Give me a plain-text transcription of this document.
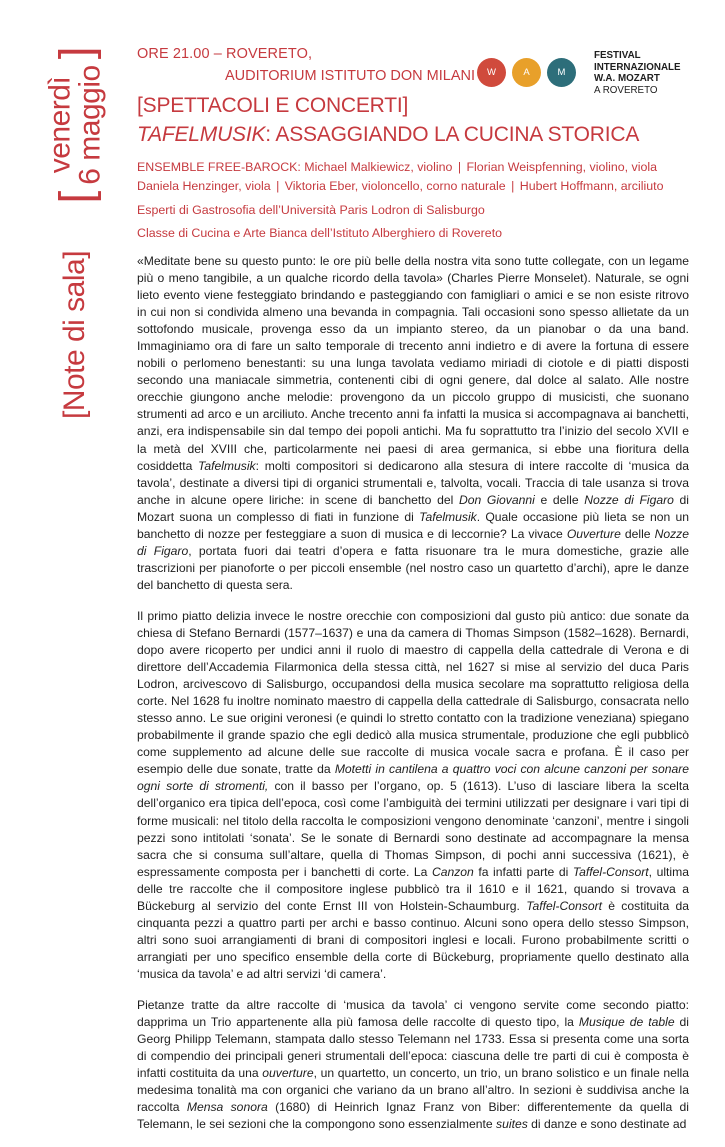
[
venerdì
6 maggio
]
[Note di sala]
ORE 21.00 – ROVERETO,
AUDITORIUM ISTITUTO DON MILANI
[SPETTACOLI E CONCERTI]
TAFELMUSIK: ASSAGGIANDO LA CUCINA STORICA
ENSEMBLE FREE-BAROCK: Michael Malkiewicz, violino | Florian Weispfenning, violino, viola
Daniela Henzinger, viola | Viktoria Eber, violoncello, corno naturale | Hubert Hoffmann, arciliuto
Esperti di Gastrosofia dell’Università Paris Lodron di Salisburgo
Classe di Cucina e Arte Bianca dell’Istituto Alberghiero di Rovereto
W	A	M
FESTIVAL
INTERNAZIONALE
W.A. MOZART
A ROVERETO

«Meditate bene su questo punto: le ore più belle della nostra vita sono tutte collegate, con un legame più o meno tangibile, a un qualche ricordo della tavola» (Charles Pierre Monselet). Naturale, se ogni lieto evento viene festeggiato brindando e pasteggiando con famigliari o amici e se non esiste ritrovo in cui non si condivida almeno una bevanda in compagnia. Tali occasioni sono spesso allietate da un sottofondo musicale, provenga esso da un impianto stereo, da un pianobar o da una band. Immaginiamo ora di fare un salto temporale di trecento anni indietro e di avere la fortuna di essere nobili o perlomeno benestanti: su una lunga tavolata vediamo miriadi di ciotole e di piatti disposti secondo una maniacale simmetria, contenenti cibi di ogni genere, dal dolce al salato. Alle nostre orecchie giungono anche melodie: provengono da un piccolo gruppo di musicisti, che suonano strumenti ad arco e un arciliuto. Anche trecento anni fa infatti la musica si accompagnava ai banchetti, anzi, era indispensabile sin dal tempo dei popoli antichi. Ma fu soprattutto tra l’inizio del secolo XVII e la metà del XVIII che, particolarmente nei paesi di area germanica, si ebbe una fioritura della cosiddetta Tafelmusik: molti compositori si dedicarono alla stesura di intere raccolte di ‘musica da tavola’, destinate a diversi tipi di organici strumentali e, talvolta, vocali. Traccia di tale usanza si trova anche in alcune opere liriche: in scene di banchetto del Don Giovanni e delle Nozze di Figaro di Mozart suona un complesso di fiati in funzione di Tafelmusik. Quale occasione più lieta se non un banchetto di nozze per festeggiare a suon di musica e di leccornie? La vivace Ouverture delle Nozze di Figaro, portata fuori dai teatri d’opera e fatta risuonare tra le mura domestiche, grazie alle trascrizioni per pianoforte o per piccoli ensemble (nel nostro caso un quartetto d’archi), apre le danze del banchetto di questa sera.

Il primo piatto delizia invece le nostre orecchie con composizioni dal gusto più antico: due sonate da chiesa di Stefano Bernardi (1577–1637) e una da camera di Thomas Simpson (1582–1628). Bernardi, dopo avere ricoperto per undici anni il ruolo di maestro di cappella della cattedrale di Verona e di direttore dell’Accademia Filarmonica della stessa città, nel 1627 si mise al servizio del duca Paris Lodron, arcivescovo di Salisburgo, occupandosi della musica secolare ma soprattutto religiosa della corte. Nel 1628 fu inoltre nominato maestro di cappella della cattedrale di Salisburgo, consacrata nello stesso anno. Le sue origini veronesi (e quindi lo stretto contatto con la tradizione veneziana) spiegano probabilmente il grande spazio che egli dedicò alla musica strumentale, produzione che egli pubblicò come supplemento ad alcune delle sue raccolte di musica vocale sacra e profana. È il caso per esempio delle due sonate, tratte da Motetti in cantilena a quattro voci con alcune canzoni per sonare ogni sorte di stromenti, con il basso per l’organo, op. 5 (1613). L’uso di lasciare libera la scelta dell’organico era tipica dell’epoca, così come l’ambiguità dei termini utilizzati per designare i vari tipi di forme musicali: nel titolo della raccolta le composizioni vengono denominate ‘canzoni’, mentre i singoli pezzi sono intitolati ‘sonata’. Se le sonate di Bernardi sono destinate ad accompagnare la mensa sacra che si consuma sull’altare, quella di Thomas Simpson, di pochi anni successiva (1621), è espressamente composta per i banchetti di corte. La Canzon fa infatti parte di Taffel-Consort, ultima delle tre raccolte che il compositore inglese pubblicò tra il 1610 e il 1621, quando si trovava a Bückeburg al servizio del conte Ernst III von Holstein-Schaumburg. Taffel-Consort è costituita da cinquanta pezzi a quattro parti per archi e basso continuo. Alcuni sono opera dello stesso Simpson, altri sono suoi arrangiamenti di brani di compositori inglesi e locali. Furono probabilmente scritti o arrangiati per uno specifico ensemble della corte di Bückeburg, propriamente quello destinato alla ‘musica da tavola’ e ad altri servizi ‘di camera’.

Pietanze tratte da altre raccolte di ‘musica da tavola’ ci vengono servite come secondo piatto: dapprima un Trio appartenente alla più famosa delle raccolte di questo tipo, la Musique de table di Georg Philipp Telemann, stampata dallo stesso Telemann nel 1733. Essa si presenta come una sorta di compendio dei principali generi strumentali dell’epoca: ciascuna delle tre parti di cui è composta è infatti costituita da una ouverture, un quartetto, un concerto, un trio, un brano solistico e un finale nella medesima tonalità ma con organici che variano da un brano all’altro. In sezioni è suddivisa anche la raccolta Mensa sonora (1680) di Heinrich Ignaz Franz von Biber: differentemente da quella di Telemann, le sei sezioni che la compongono sono essenzialmente suites di danze e sono destinate ad
